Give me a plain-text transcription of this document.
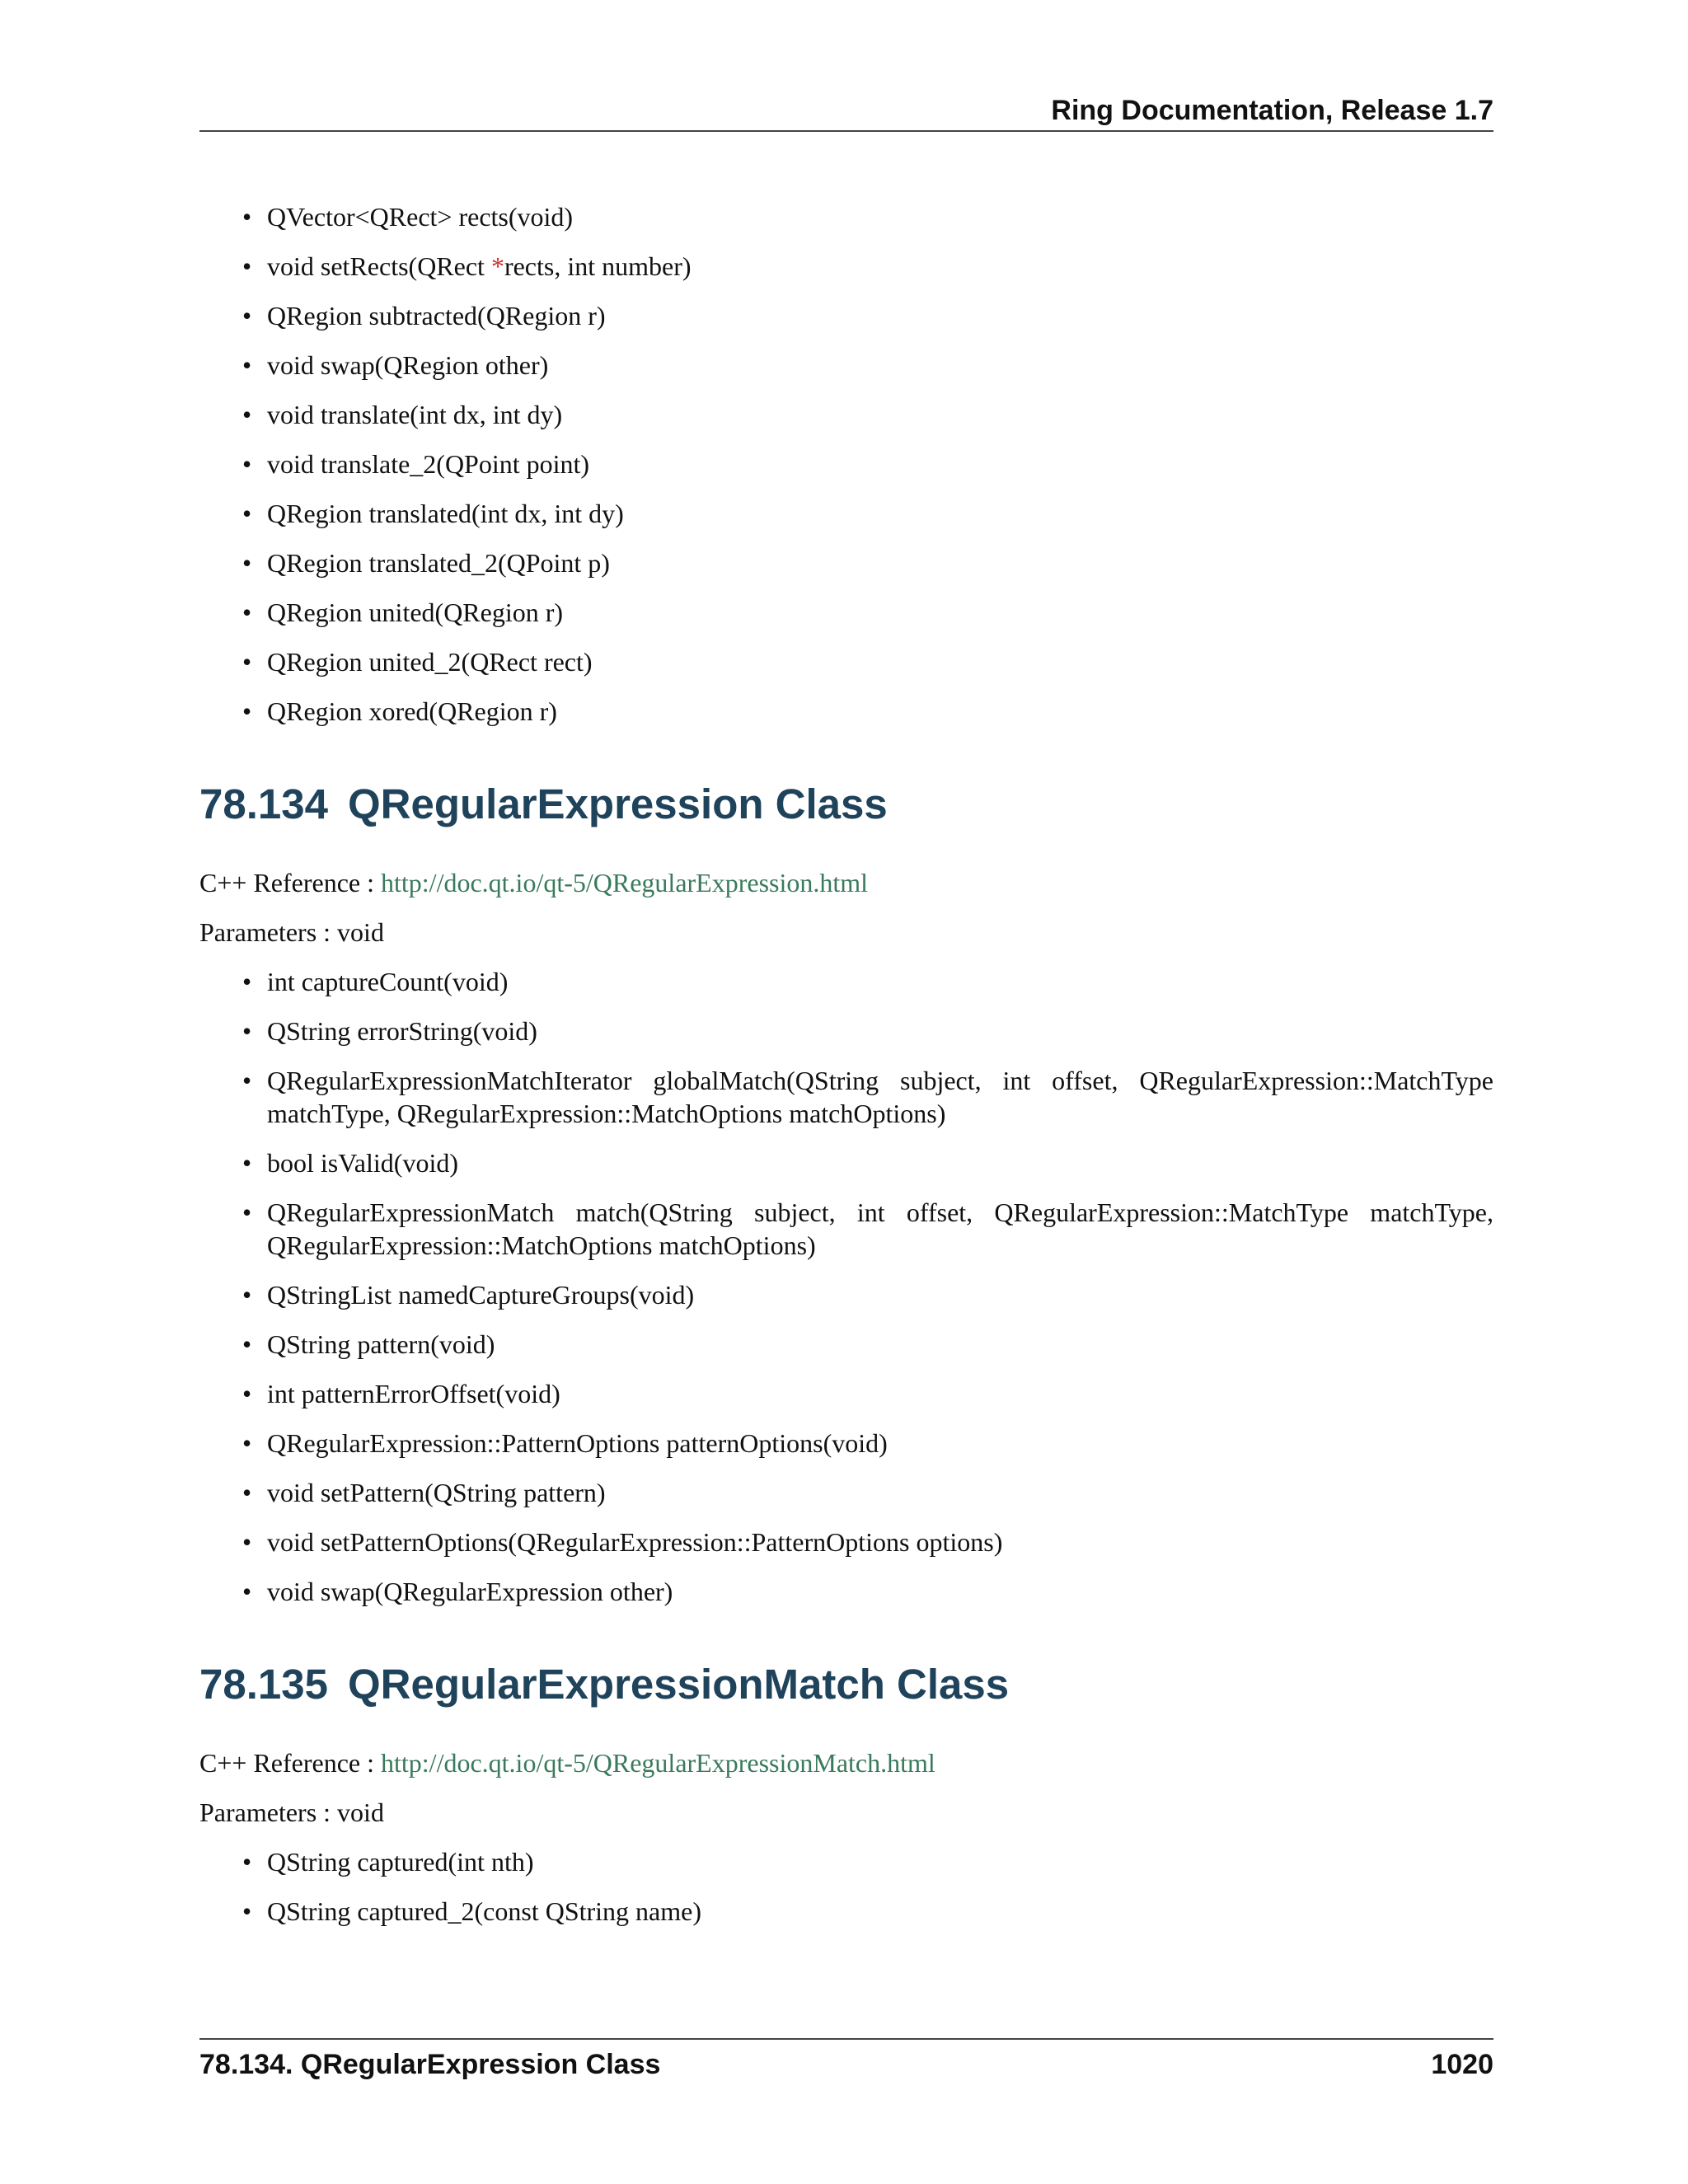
Ring Documentation, Release 1.7
• QVector<QRect> rects(void)
• void setRects(QRect *rects, int number)
• QRegion subtracted(QRegion r)
• void swap(QRegion other)
• void translate(int dx, int dy)
• void translate_2(QPoint point)
• QRegion translated(int dx, int dy)
• QRegion translated_2(QPoint p)
• QRegion united(QRegion r)
• QRegion united_2(QRect rect)
• QRegion xored(QRegion r)
78.134 QRegularExpression Class

C++ Reference : http://doc.qt.io/qt-5/QRegularExpression.html

Parameters : void

• int captureCount(void)
• QString errorString(void)
• QRegularExpressionMatchIterator globalMatch(QString subject, int offset, QRegularExpression::MatchType matchType, QRegularExpression::MatchOptions matchOptions)
• bool isValid(void)
• QRegularExpressionMatch match(QString subject, int offset, QRegularExpression::MatchType matchType, QRegularExpression::MatchOptions matchOptions)
• QStringList namedCaptureGroups(void)
• QString pattern(void)
• int patternErrorOffset(void)
• QRegularExpression::PatternOptions patternOptions(void)
• void setPattern(QString pattern)
• void setPatternOptions(QRegularExpression::PatternOptions options)
• void swap(QRegularExpression other)
78.135 QRegularExpressionMatch Class

C++ Reference : http://doc.qt.io/qt-5/QRegularExpressionMatch.html

Parameters : void

• QString captured(int nth)
• QString captured_2(const QString name)
78.134. QRegularExpression Class	1020
